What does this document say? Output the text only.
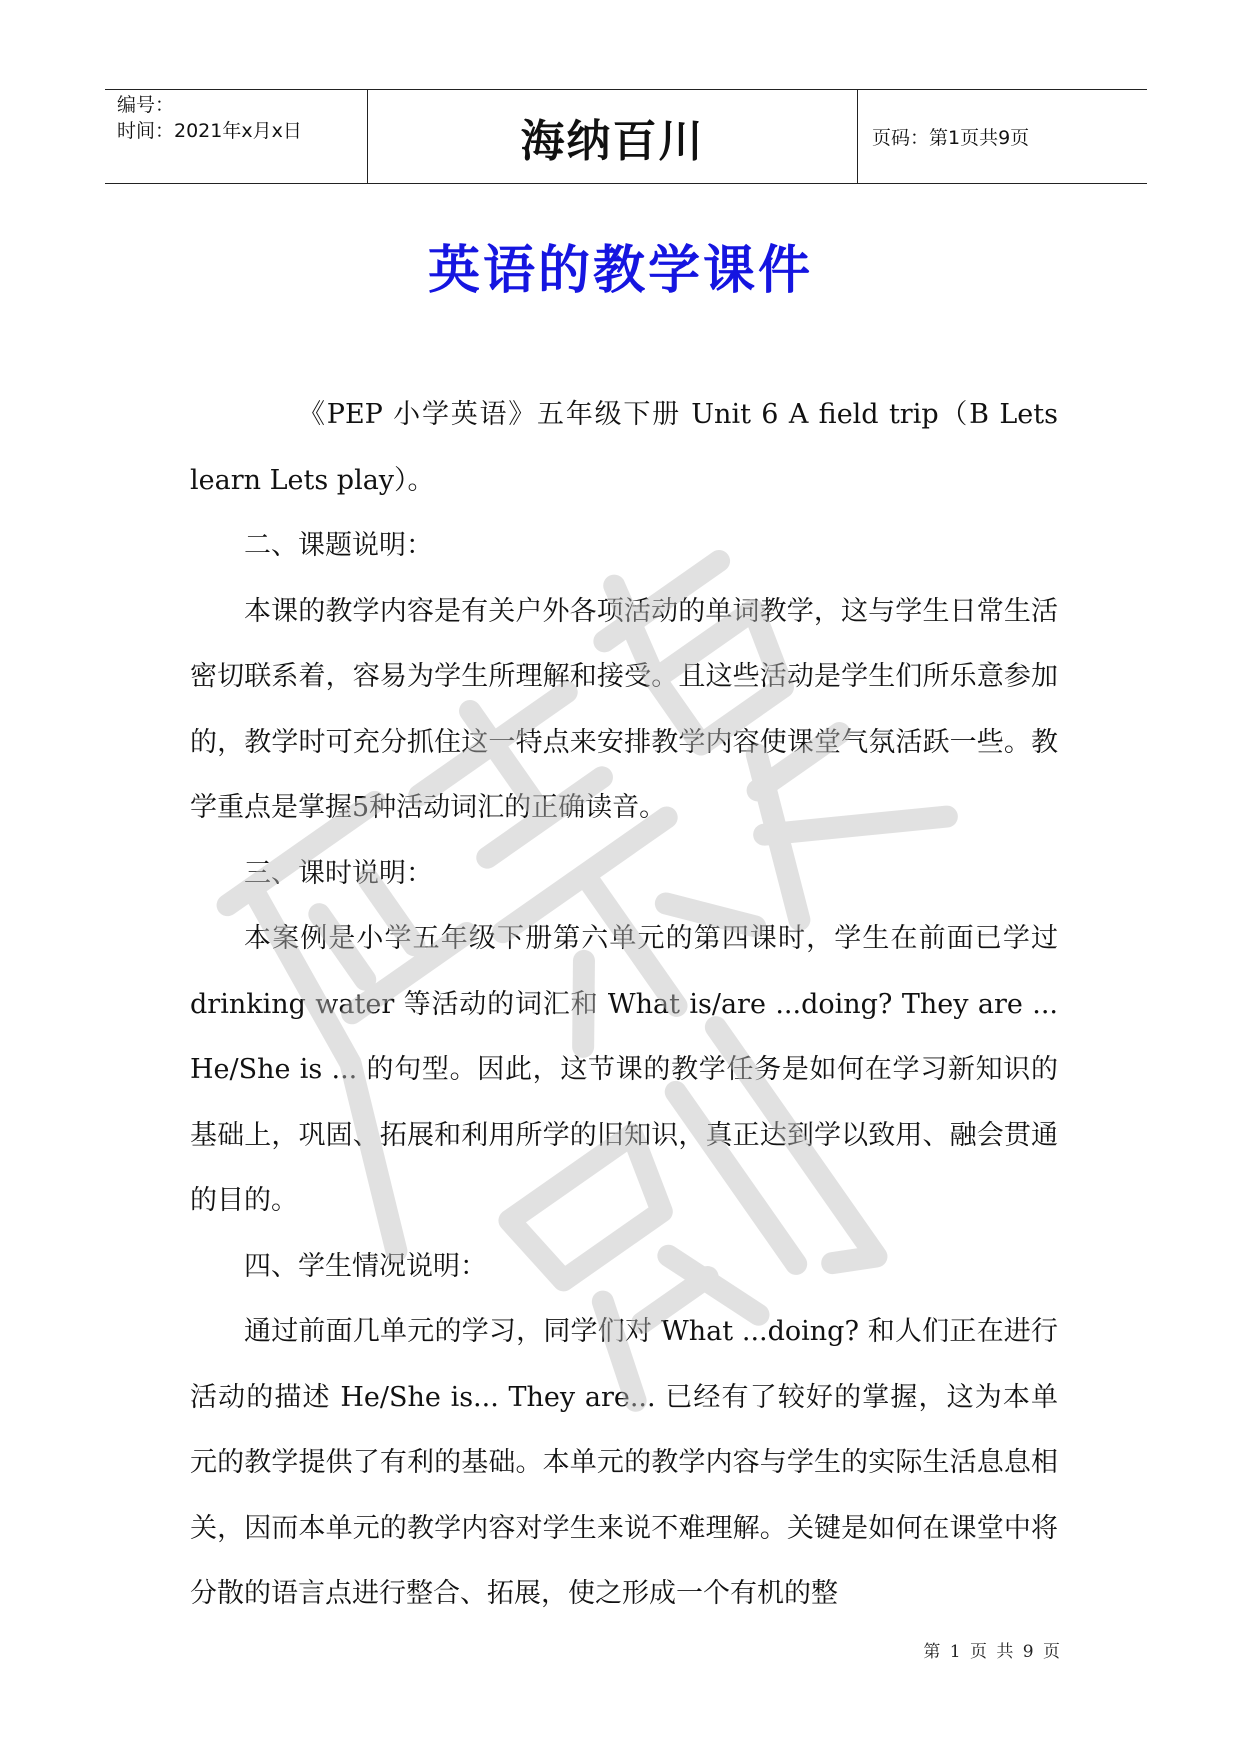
编号：
时间：2021年x月x日	海纳百川	页码：第1页共9页
英语的教学课件

《PEP 小学英语》五年级下册 Unit 6 A field trip（B Lets learn Lets play）。

二、课题说明：

本课的教学内容是有关户外各项活动的单词教学，这与学生日常生活密切联系着，容易为学生所理解和接受。且这些活动是学生们所乐意参加的，教学时可充分抓住这一特点来安排教学内容使课堂气氛活跃一些。教学重点是掌握5种活动词汇的正确读音。

三、课时说明：

本案例是小学五年级下册第六单元的第四课时，学生在前面已学过 drinking water 等活动的词汇和 What is/are ...doing? They are ... He/She is ... 的句型。因此，这节课的教学任务是如何在学习新知识的基础上，巩固、拓展和利用所学的旧知识，真正达到学以致用、融会贯通的目的。

四、学生情况说明：

通过前面几单元的学习，同学们对 What ...doing? 和人们正在进行活动的描述 He/She is... They are... 已经有了较好的掌握，这为本单元的教学提供了有利的基础。本单元的教学内容与学生的实际生活息息相关，因而本单元的教学内容对学生来说不难理解。关键是如何在课堂中将分散的语言点进行整合、拓展，使之形成一个有机的整

第 1 页 共 9 页
